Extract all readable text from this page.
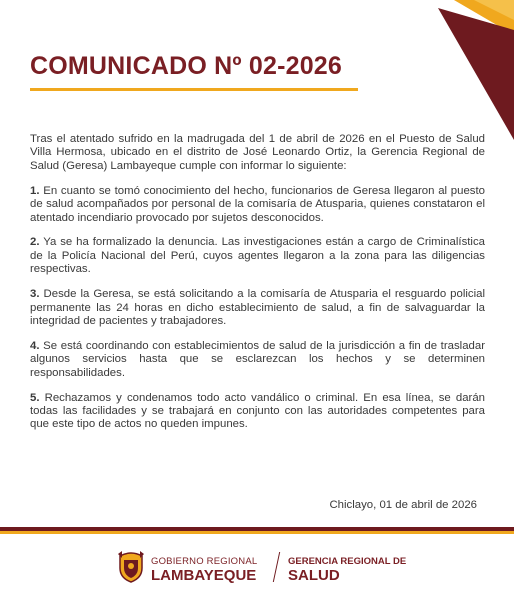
COMUNICADO Nº 02-2026

Tras el atentado sufrido en la madrugada del 1 de abril de 2026 en el Puesto de Salud Villa Hermosa, ubicado en el distrito de José Leonardo Ortiz, la Gerencia Regional de Salud (Geresa) Lambayeque cumple con informar lo siguiente:

1. En cuanto se tomó conocimiento del hecho, funcionarios de Geresa llegaron al puesto de salud acompañados por personal de la comisaría de Atusparia, quienes constataron el atentado incendiario provocado por sujetos desconocidos.

2. Ya se ha formalizado la denuncia. Las investigaciones están a cargo de Criminalística de la Policía Nacional del Perú, cuyos agentes llegaron a la zona para las diligencias respectivas.

3. Desde la Geresa, se está solicitando a la comisaría de Atusparia el resguardo policial permanente las 24 horas en dicho establecimiento de salud, a fin de salvaguardar la integridad de pacientes y trabajadores.

4. Se está coordinando con establecimientos de salud de la jurisdicción a fin de trasladar algunos servicios hasta que se esclarezcan los hechos y se determinen responsabilidades.

5. Rechazamos y condenamos todo acto vandálico o criminal. En esa línea, se darán todas las facilidades y se trabajará en conjunto con las autoridades competentes para que este tipo de actos no queden impunes.

Chiclayo, 01 de abril de 2026
GOBIERNO REGIONAL
LAMBAYEQUE
GERENCIA REGIONAL DE
SALUD
